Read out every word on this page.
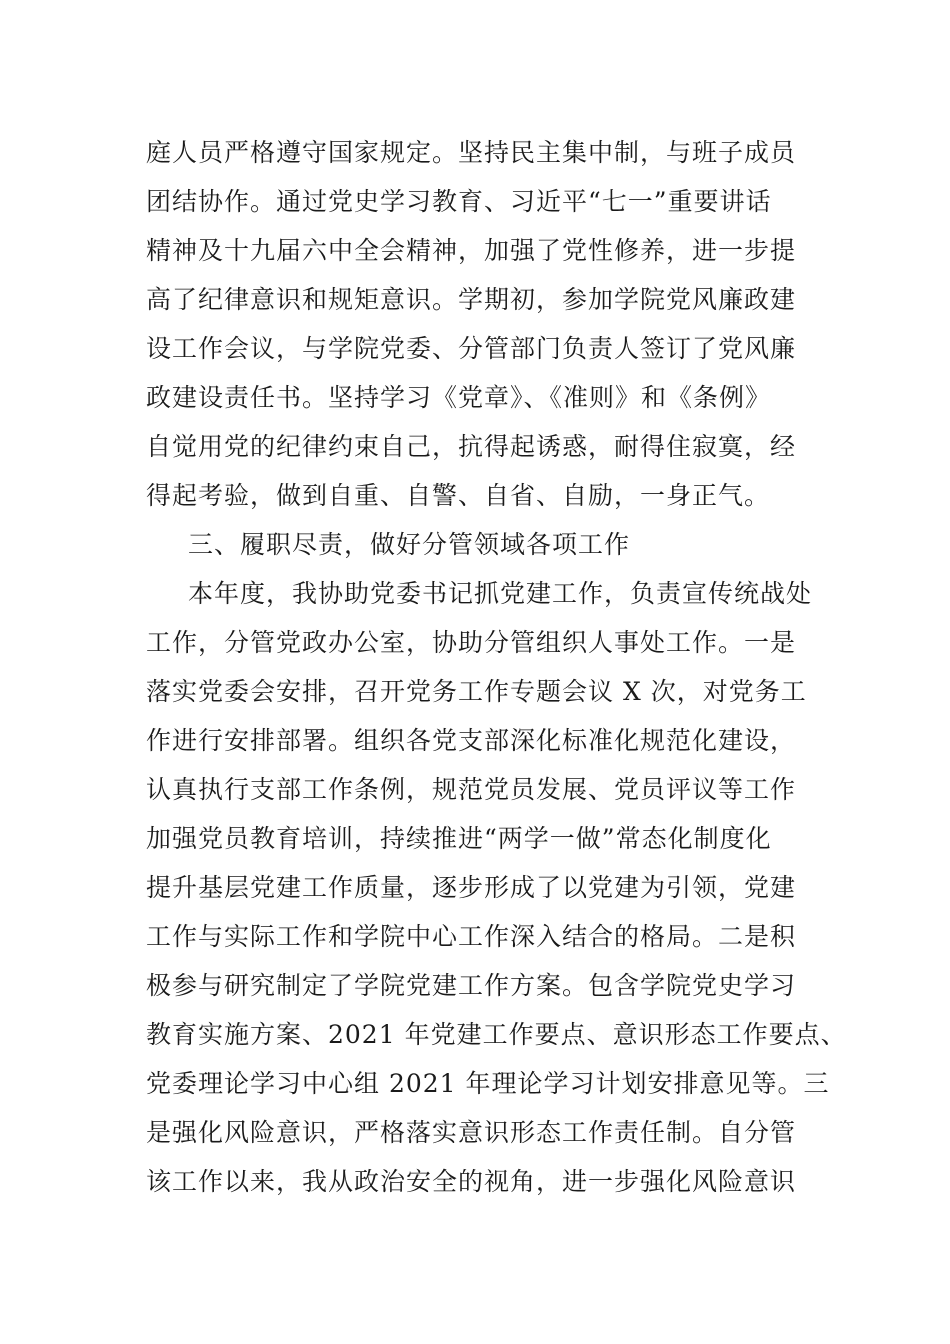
庭人员严格遵守国家规定。坚持民主集中制，与班子成员
团结协作。通过党史学习教育、习近平“七一”重要讲话
精神及十九届六中全会精神，加强了党性修养，进一步提
高了纪律意识和规矩意识。学期初，参加学院党风廉政建
设工作会议，与学院党委、分管部门负责人签订了党风廉
政建设责任书。坚持学习《党章》、《准则》和《条例》
自觉用党的纪律约束自己，抗得起诱惑，耐得住寂寞，经
得起考验，做到自重、自警、自省、自励，一身正气。
三、履职尽责，做好分管领域各项工作
本年度，我协助党委书记抓党建工作，负责宣传统战处
工作，分管党政办公室，协助分管组织人事处工作。一是
落实党委会安排，召开党务工作专题会议 X 次，对党务工
作进行安排部署。组织各党支部深化标准化规范化建设，
认真执行支部工作条例，规范党员发展、党员评议等工作
加强党员教育培训，持续推进“两学一做”常态化制度化
提升基层党建工作质量，逐步形成了以党建为引领，党建
工作与实际工作和学院中心工作深入结合的格局。二是积
极参与研究制定了学院党建工作方案。包含学院党史学习
教育实施方案、2021 年党建工作要点、意识形态工作要点、
党委理论学习中心组 2021 年理论学习计划安排意见等。三
是强化风险意识，严格落实意识形态工作责任制。自分管
该工作以来，我从政治安全的视角，进一步强化风险意识
